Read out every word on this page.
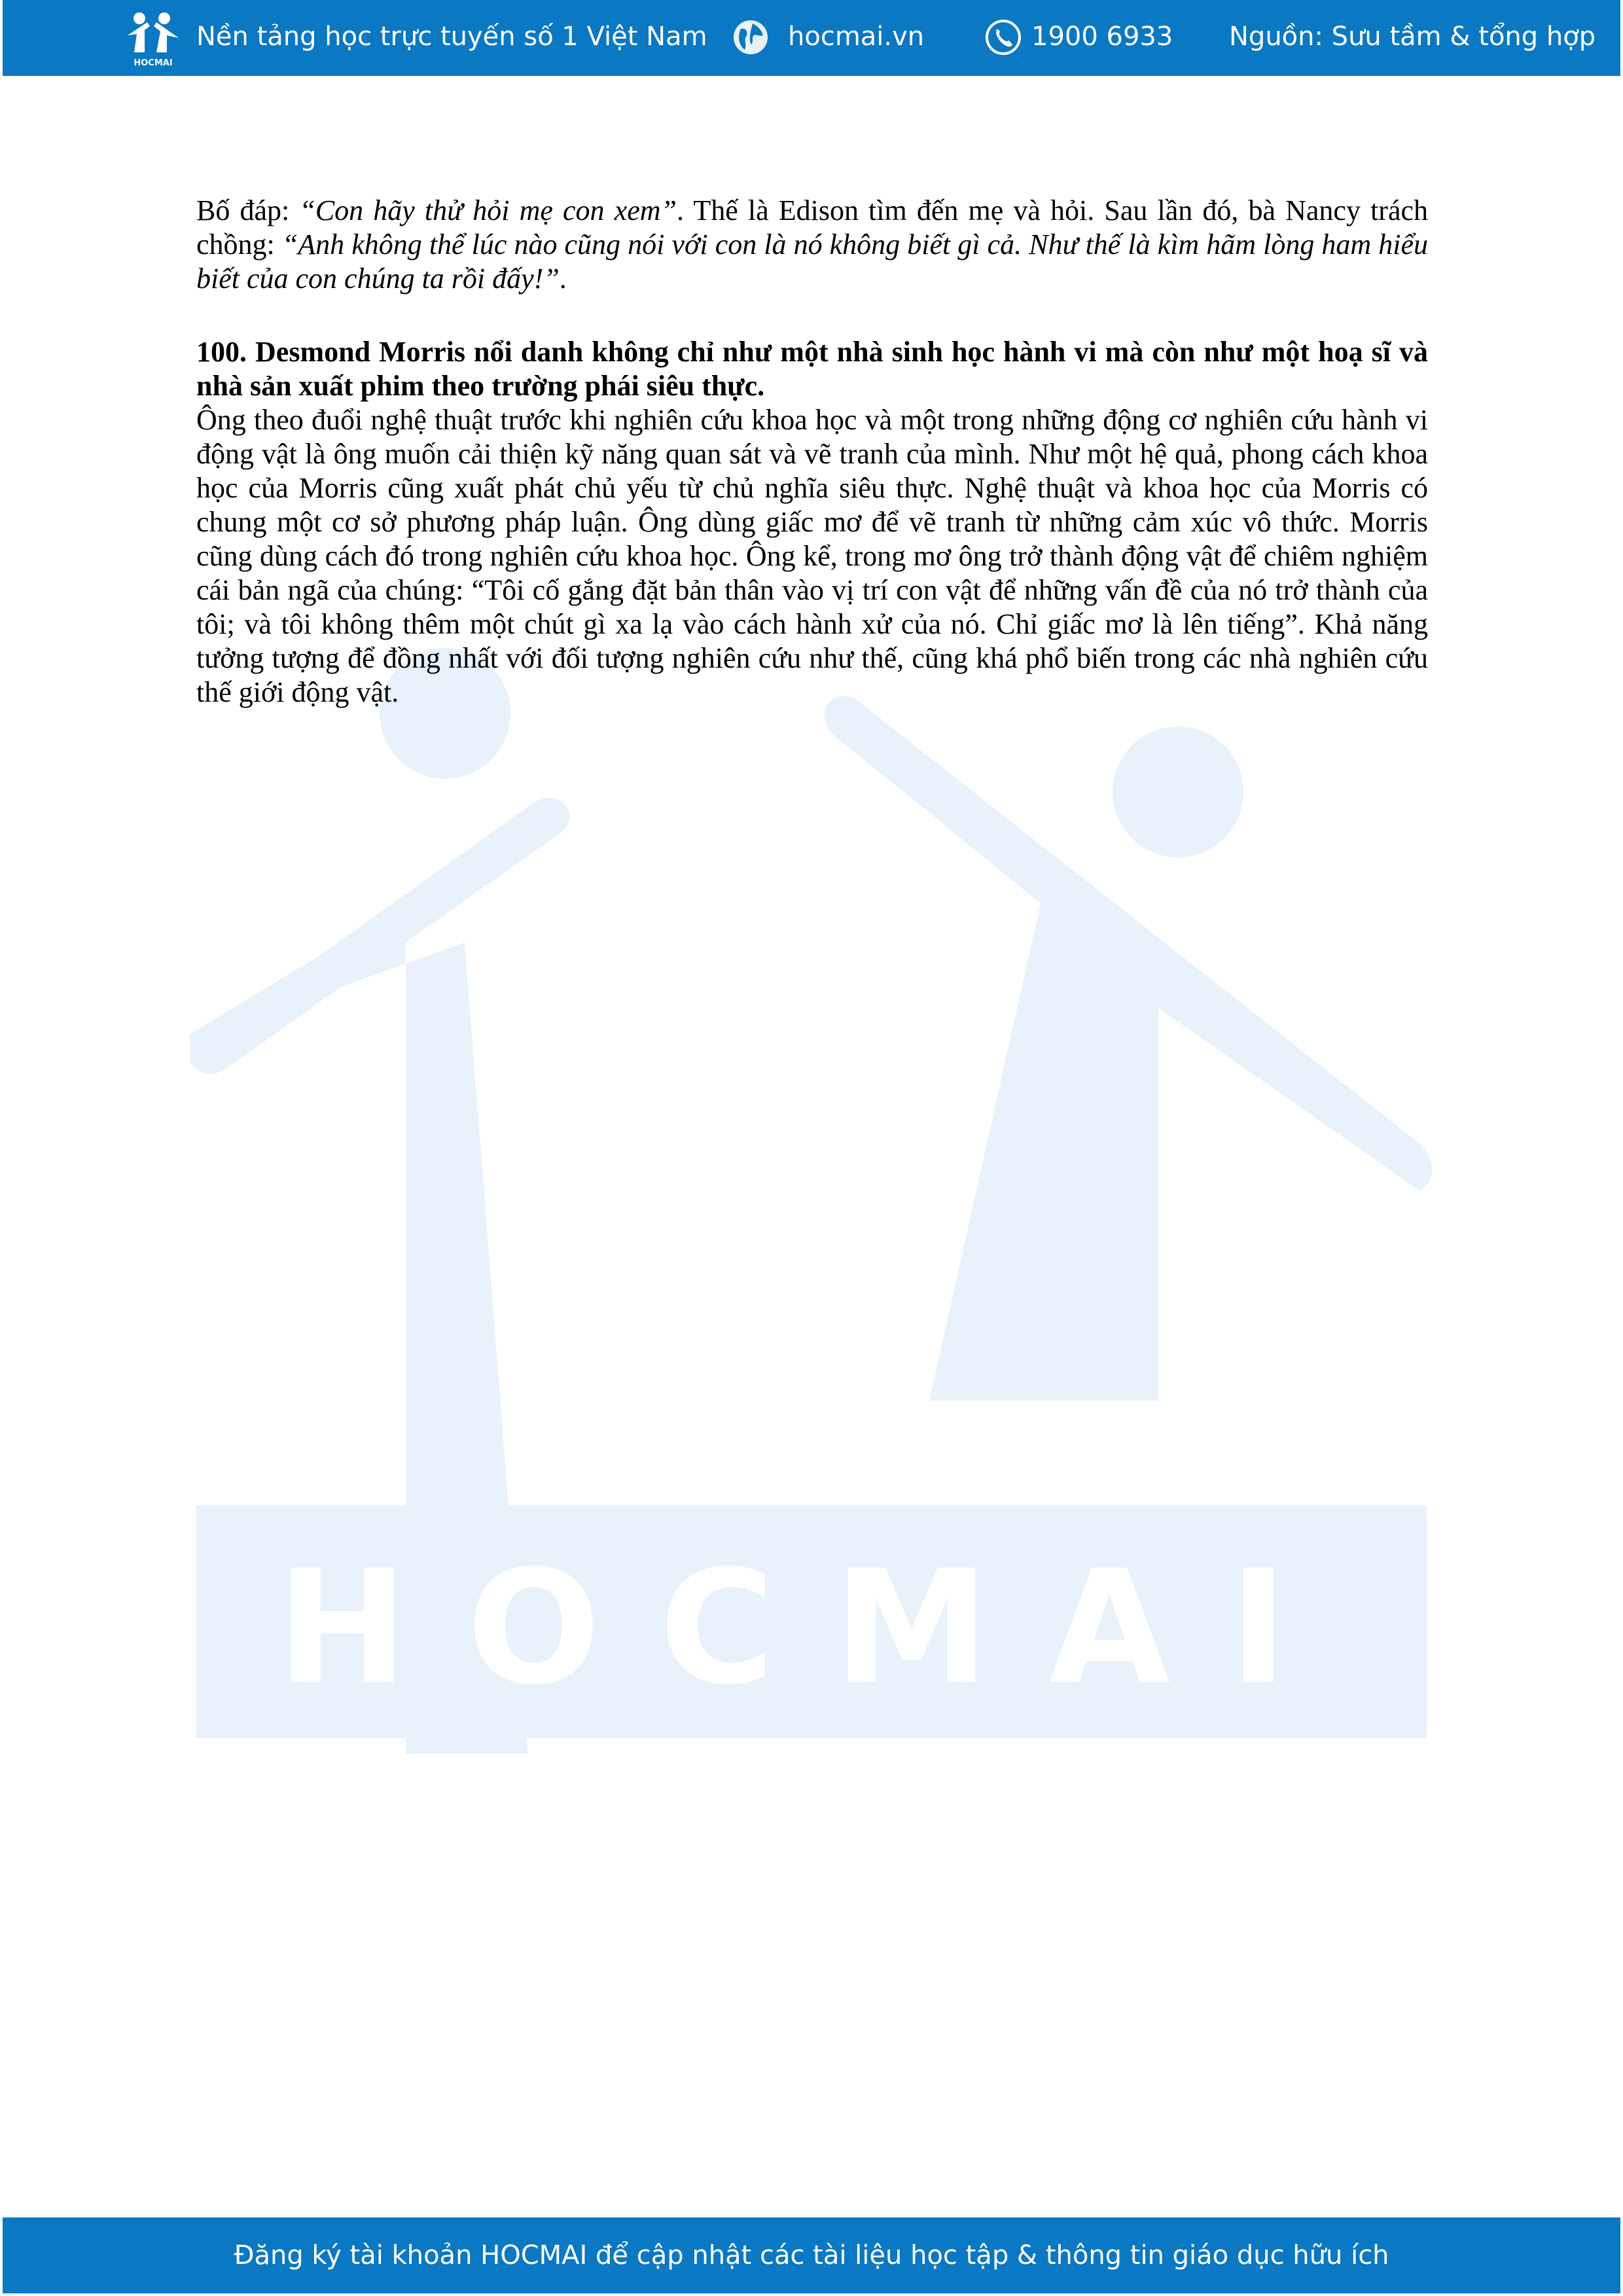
HOCMAI
Nền tảng học trực tuyến số 1 Việt Nam	hocmai.vn	1900 6933 Nguồn: Sưu tầm & tổng hợp
HOCMAI

Bố đáp: “Con hãy thử hỏi mẹ con xem”. Thế là Edison tìm đến mẹ và hỏi. Sau lần đó, bà Nancy trách chồng: “Anh không thể lúc nào cũng nói với con là nó không biết gì cả. Như thế là kìm hãm lòng ham hiểu biết của con chúng ta rồi đấy!”.

100. Desmond Morris nổi danh không chỉ như một nhà sinh học hành vi mà còn như một hoạ sĩ và nhà sản xuất phim theo trường phái siêu thực.

Ông theo đuổi nghệ thuật trước khi nghiên cứu khoa học và một trong những động cơ nghiên cứu hành vi động vật là ông muốn cải thiện kỹ năng quan sát và vẽ tranh của mình. Như một hệ quả, phong cách khoa học của Morris cũng xuất phát chủ yếu từ chủ nghĩa siêu thực. Nghệ thuật và khoa học của Morris có chung một cơ sở phương pháp luận. Ông dùng giấc mơ để vẽ tranh từ những cảm xúc vô thức. Morris cũng dùng cách đó trong nghiên cứu khoa học. Ông kể, trong mơ ông trở thành động vật để chiêm nghiệm cái bản ngã của chúng: “Tôi cố gắng đặt bản thân vào vị trí con vật để những vấn đề của nó trở thành của tôi; và tôi không thêm một chút gì xa lạ vào cách hành xử của nó. Chỉ giấc mơ là lên tiếng”. Khả năng tưởng tượng để đồng nhất với đối tượng nghiên cứu như thế, cũng khá phổ biến trong các nhà nghiên cứu thế giới động vật.

Đăng ký tài khoản HOCMAI để cập nhật các tài liệu học tập & thông tin giáo dục hữu ích
